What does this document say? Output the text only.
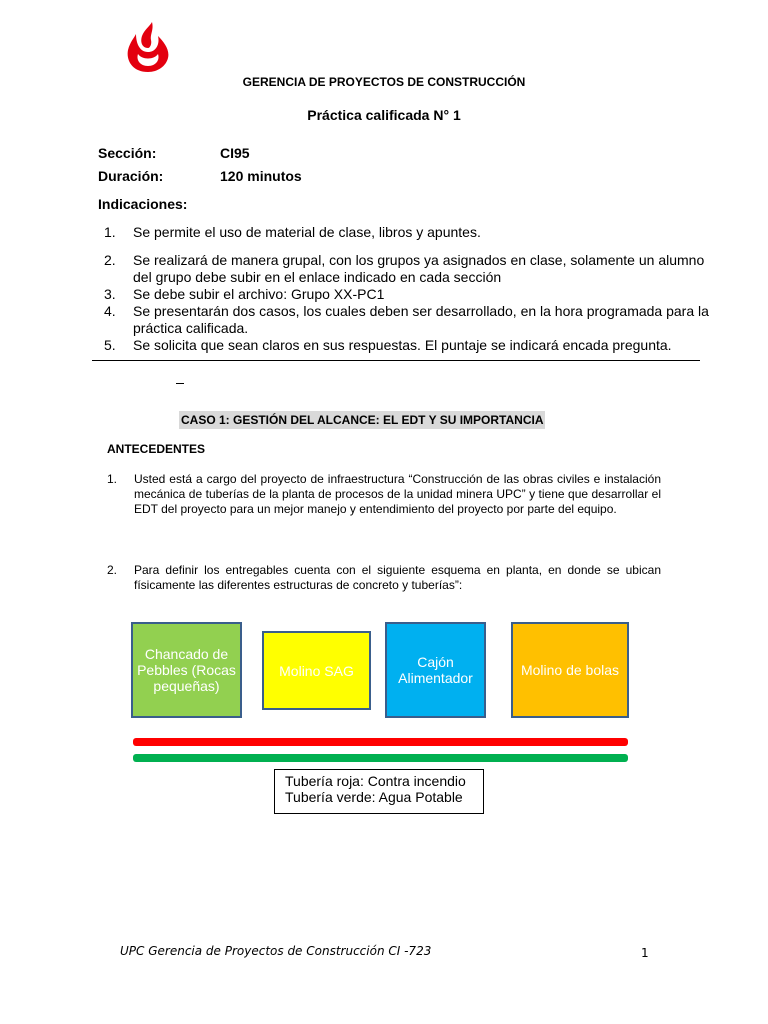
GERENCIA DE PROYECTOS DE CONSTRUCCIÓN
Práctica calificada N° 1
Sección:	CI95
Duración:	120 minutos
Indicaciones:
1.	Se permite el uso de material de clase, libros y apuntes.
2.	Se realizará de manera grupal, con los grupos ya asignados en clase, solamente un alumno del grupo debe subir en el enlace indicado en cada sección
3.	Se debe subir el archivo: Grupo XX-PC1
4.	Se presentarán dos casos, los cuales deben ser desarrollado, en la hora programada para la práctica calificada.
5.	Se solicita que sean claros en sus respuestas. El puntaje se indicará encada pregunta.
CASO 1: GESTIÓN DEL ALCANCE: EL EDT Y SU IMPORTANCIA
ANTECEDENTES
1.	Usted está a cargo del proyecto de infraestructura “Construcción de las obras civiles e instalación mecánica de tuberías de la planta de procesos de la unidad minera UPC” y tiene que desarrollar el EDT del proyecto para un mejor manejo y entendimiento del proyecto por parte del equipo.
2.	Para definir los entregables cuenta con el siguiente esquema en planta, en donde se ubican físicamente las diferentes estructuras de concreto y tuberías”:
Chancado de Pebbles (Rocas pequeñas)
Molino SAG
Cajón Alimentador	Molino de bolas
Tubería roja: Contra incendio
Tubería verde: Agua Potable
UPC Gerencia de Proyectos de Construcción CI -723	1
